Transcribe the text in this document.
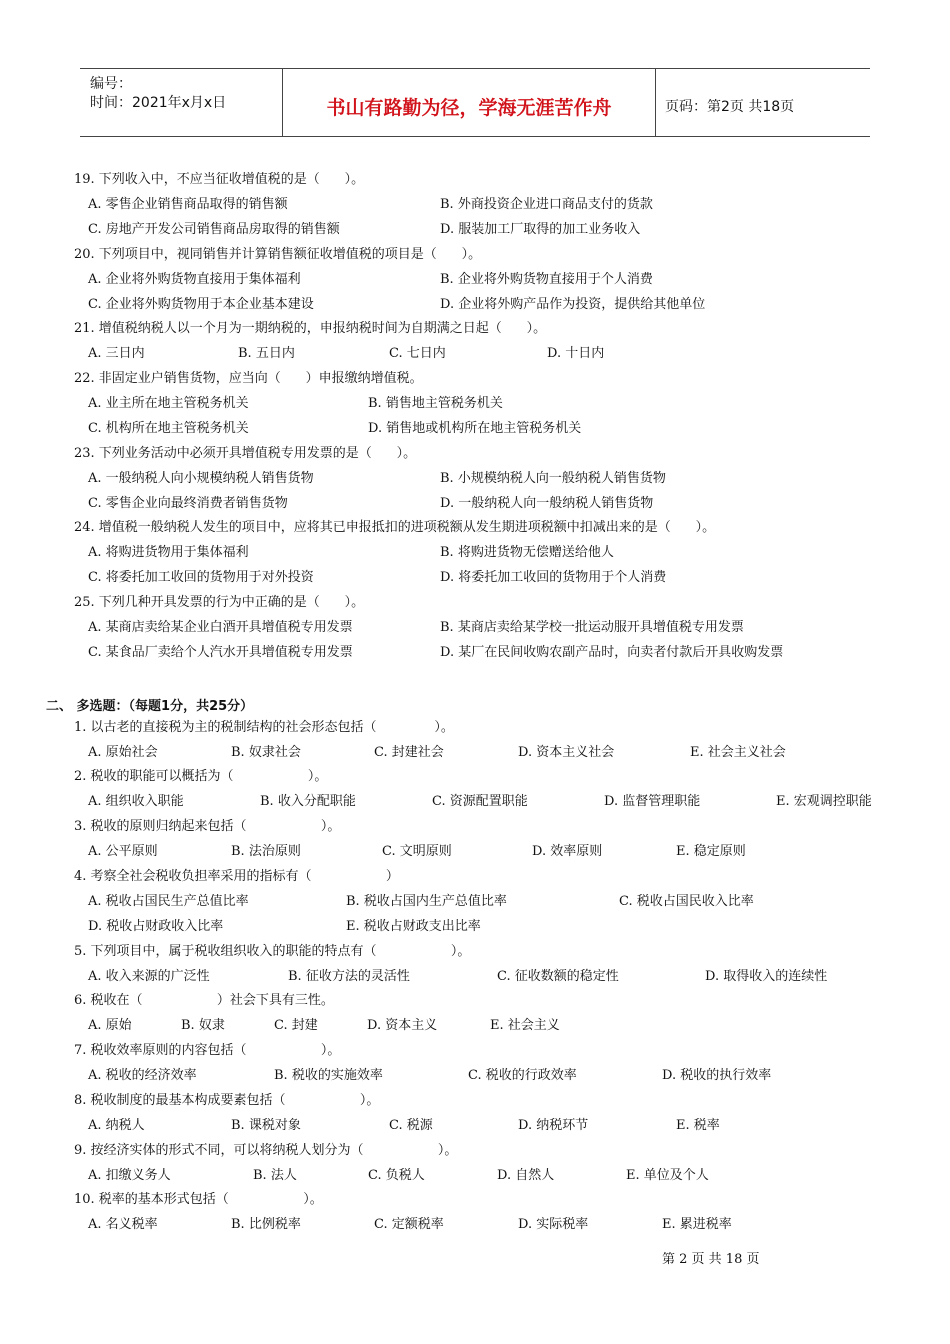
编号：
时间：2021年x月x日	书山有路勤为径，学海无涯苦作舟	页码：第2页 共18页
19. 下列收入中，不应当征收增值税的是（      ）。
A. 零售企业销售商品取得的销售额	B. 外商投资企业进口商品支付的货款
C. 房地产开发公司销售商品房取得的销售额	D. 服装加工厂取得的加工业务收入
20. 下列项目中，视同销售并计算销售额征收增值税的项目是（      ）。
A. 企业将外购货物直接用于集体福利	B. 企业将外购货物直接用于个人消费
C. 企业将外购货物用于本企业基本建设	D. 企业将外购产品作为投资，提供给其他单位
21. 增值税纳税人以一个月为一期纳税的，申报纳税时间为自期满之日起（      ）。
A. 三日内	B. 五日内	C. 七日内	D. 十日内
22. 非固定业户销售货物，应当向（      ）申报缴纳增值税。
A. 业主所在地主管税务机关	B. 销售地主管税务机关
C. 机构所在地主管税务机关	D. 销售地或机构所在地主管税务机关
23. 下列业务活动中必须开具增值税专用发票的是（      ）。
A. 一般纳税人向小规模纳税人销售货物	B. 小规模纳税人向一般纳税人销售货物
C. 零售企业向最终消费者销售货物	D. 一般纳税人向一般纳税人销售货物
24. 增值税一般纳税人发生的项目中，应将其已申报抵扣的进项税额从发生期进项税额中扣减出来的是（      ）。
A. 将购进货物用于集体福利	B. 将购进货物无偿赠送给他人
C. 将委托加工收回的货物用于对外投资	D. 将委托加工收回的货物用于个人消费
25. 下列几种开具发票的行为中正确的是（      ）。
A. 某商店卖给某企业白酒开具增值税专用发票	B. 某商店卖给某学校一批运动服开具增值税专用发票
C. 某食品厂卖给个人汽水开具增值税专用发票	D. 某厂在民间收购农副产品时，向卖者付款后开具收购发票
二、 多选题：（每题1分，共25分）
1. 以古老的直接税为主的税制结构的社会形态包括（              ）。
A. 原始社会	B. 奴隶社会	C. 封建社会	D. 资本主义社会	E. 社会主义社会
2. 税收的职能可以概括为（                  ）。
A. 组织收入职能	B. 收入分配职能	C. 资源配置职能	D. 监督管理职能	E. 宏观调控职能
3. 税收的原则归纳起来包括（                  ）。
A. 公平原则	B. 法治原则	C. 文明原则	D. 效率原则	E. 稳定原则
4. 考察全社会税收负担率采用的指标有（                  ）
A. 税收占国民生产总值比率	B. 税收占国内生产总值比率	C. 税收占国民收入比率
D. 税收占财政收入比率	E. 税收占财政支出比率
5. 下列项目中，属于税收组织收入的职能的特点有（                  ）。
A. 收入来源的广泛性	B. 征收方法的灵活性	C. 征收数额的稳定性	D. 取得收入的连续性
6. 税收在（                  ）社会下具有三性。
A. 原始	B. 奴隶	C. 封建	D. 资本主义	E. 社会主义
7. 税收效率原则的内容包括（                  ）。
A. 税收的经济效率	B. 税收的实施效率	C. 税收的行政效率	D. 税收的执行效率
8. 税收制度的最基本构成要素包括（                  ）。
A. 纳税人	B. 课税对象	C. 税源	D. 纳税环节	E. 税率
9. 按经济实体的形式不同，可以将纳税人划分为（                  ）。
A. 扣缴义务人	B. 法人	C. 负税人	D. 自然人	E. 单位及个人
10. 税率的基本形式包括（                  ）。
A. 名义税率	B. 比例税率	C. 定额税率	D. 实际税率	E. 累进税率
第 2 页 共 18 页
